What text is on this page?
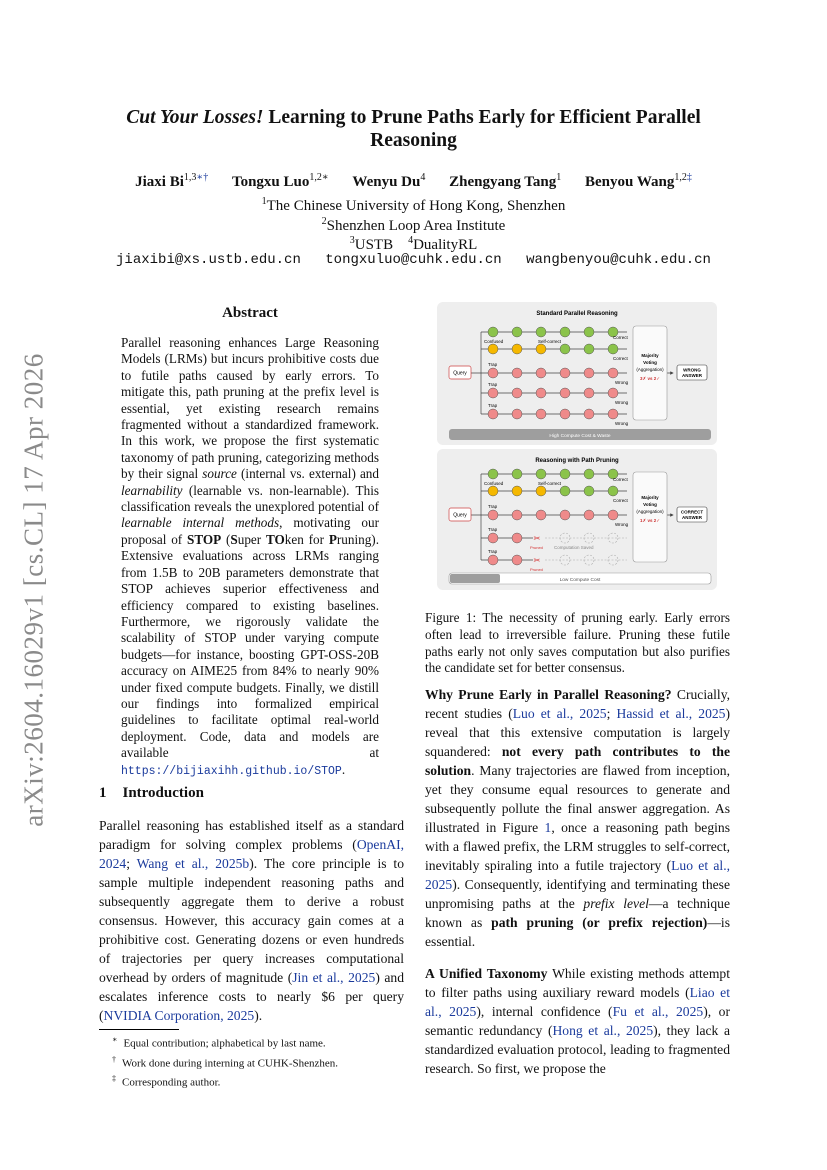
arXiv:2604.16029v1 [cs.CL] 17 Apr 2026
Cut Your Losses! Learning to Prune Paths Early for Efficient Parallel
Reasoning
Jiaxi $Bi^{1,3∗\dagger}$ Tongxu Luo$^{1,2∗}$ Wenyu Du$^4$ Zhengyang Tang$^1$ Benyou Wang$^{1,2\ddagger}$
$^1$The Chinese University of Hong Kong, Shenzhen
$^2$Shenzhen Loop Area Institute
$^3$USTB $^4$DualityRL
jiaxibi@xs.ustb.edu.cn tongxuluo@cuhk.edu.cn wangbenyou@cuhk.edu.cn
Abstract
Parallel reasoning enhances Large Reasoning Models (LRMs) but incurs prohibitive costs due to futile paths caused by early errors. To mitigate this, path pruning at the prefix level is essential, yet existing research remains fragmented without a standardized framework. In this work, we propose the first systematic taxonomy of path pruning, categorizing methods by their signal source (internal vs. external) and learnability (learnable vs. non-learnable). This classification reveals the unexplored potential of learnable internal methods, motivating our proposal of STOP (Super TOken for Pruning). Extensive evaluations across LRMs ranging from 1.5B to 20B parameters demonstrate that STOP achieves superior effectiveness and efficiency compared to existing baselines. Furthermore, we rigorously validate the scalability of STOP under varying compute budgets—for instance, boosting GPT-OSS-20B accuracy on AIME25 from 84% to nearly 90% under fixed compute budgets. Finally, we distill our findings into formalized empirical guidelines to facilitate optimal real-world deployment. Code, data and models are available at https://bijiaxihh.github.io/STOP.
1 Introduction
Parallel reasoning has established itself as a standard paradigm for solving complex problems (OpenAI, 2024; Wang et al., 2025b). The core principle is to sample multiple independent reasoning paths and subsequently aggregate them to derive a robust consensus. However, this accuracy gain comes at a prohibitive cost. Generating dozens or even hundreds of trajectories per query increases computational overhead by orders of magnitude (Jin et al., 2025) and escalates inference costs to nearly $6 per query (NVIDIA Corporation, 2025).
∗ Equal contribution; alphabetical by last name.
† Work done during interning at CUHK-Shenzhen.
‡ Corresponding author.
Standard Parallel Reasoning
Query
Confused	Self-correct
Trap
Trap
Trap
Correct
Correct
Wrong
Wrong
Wrong
Majority
Voting
(Aggregation)
3✗ vs 2✓
WRONG
ANSWER
High Compute Cost & Waste
Reasoning with Path Pruning
Query
✂
✂
Confused	Self-correct
Trap
Trap
Trap
Correct
Correct
Wrong
Pruned
Pruned
Computation Saved
Majority
Voting
(Aggregation)
1✗ vs 2✓
CORRECT
ANSWER
Low Compute Cost
Figure 1: The necessity of pruning early. Early errors often lead to irreversible failure. Pruning these futile paths early not only saves computation but also purifies the candidate set for better consensus.
Why Prune Early in Parallel Reasoning? Crucially, recent studies (Luo et al., 2025; Hassid et al., 2025) reveal that this extensive computation is largely squandered: not every path contributes to the solution. Many trajectories are flawed from inception, yet they consume equal resources to generate and subsequently pollute the final answer aggregation. As illustrated in Figure 1, once a reasoning path begins with a flawed prefix, the LRM struggles to self-correct, inevitably spiraling into a futile trajectory (Luo et al., 2025). Consequently, identifying and terminating these unpromising paths at the prefix level—a technique known as path pruning (or prefix rejection)—is essential.
A Unified Taxonomy While existing methods attempt to filter paths using auxiliary reward models (Liao et al., 2025), internal confidence (Fu et al., 2025), or semantic redundancy (Hong et al., 2025), they lack a standardized evaluation protocol, leading to fragmented research. So first, we propose the
